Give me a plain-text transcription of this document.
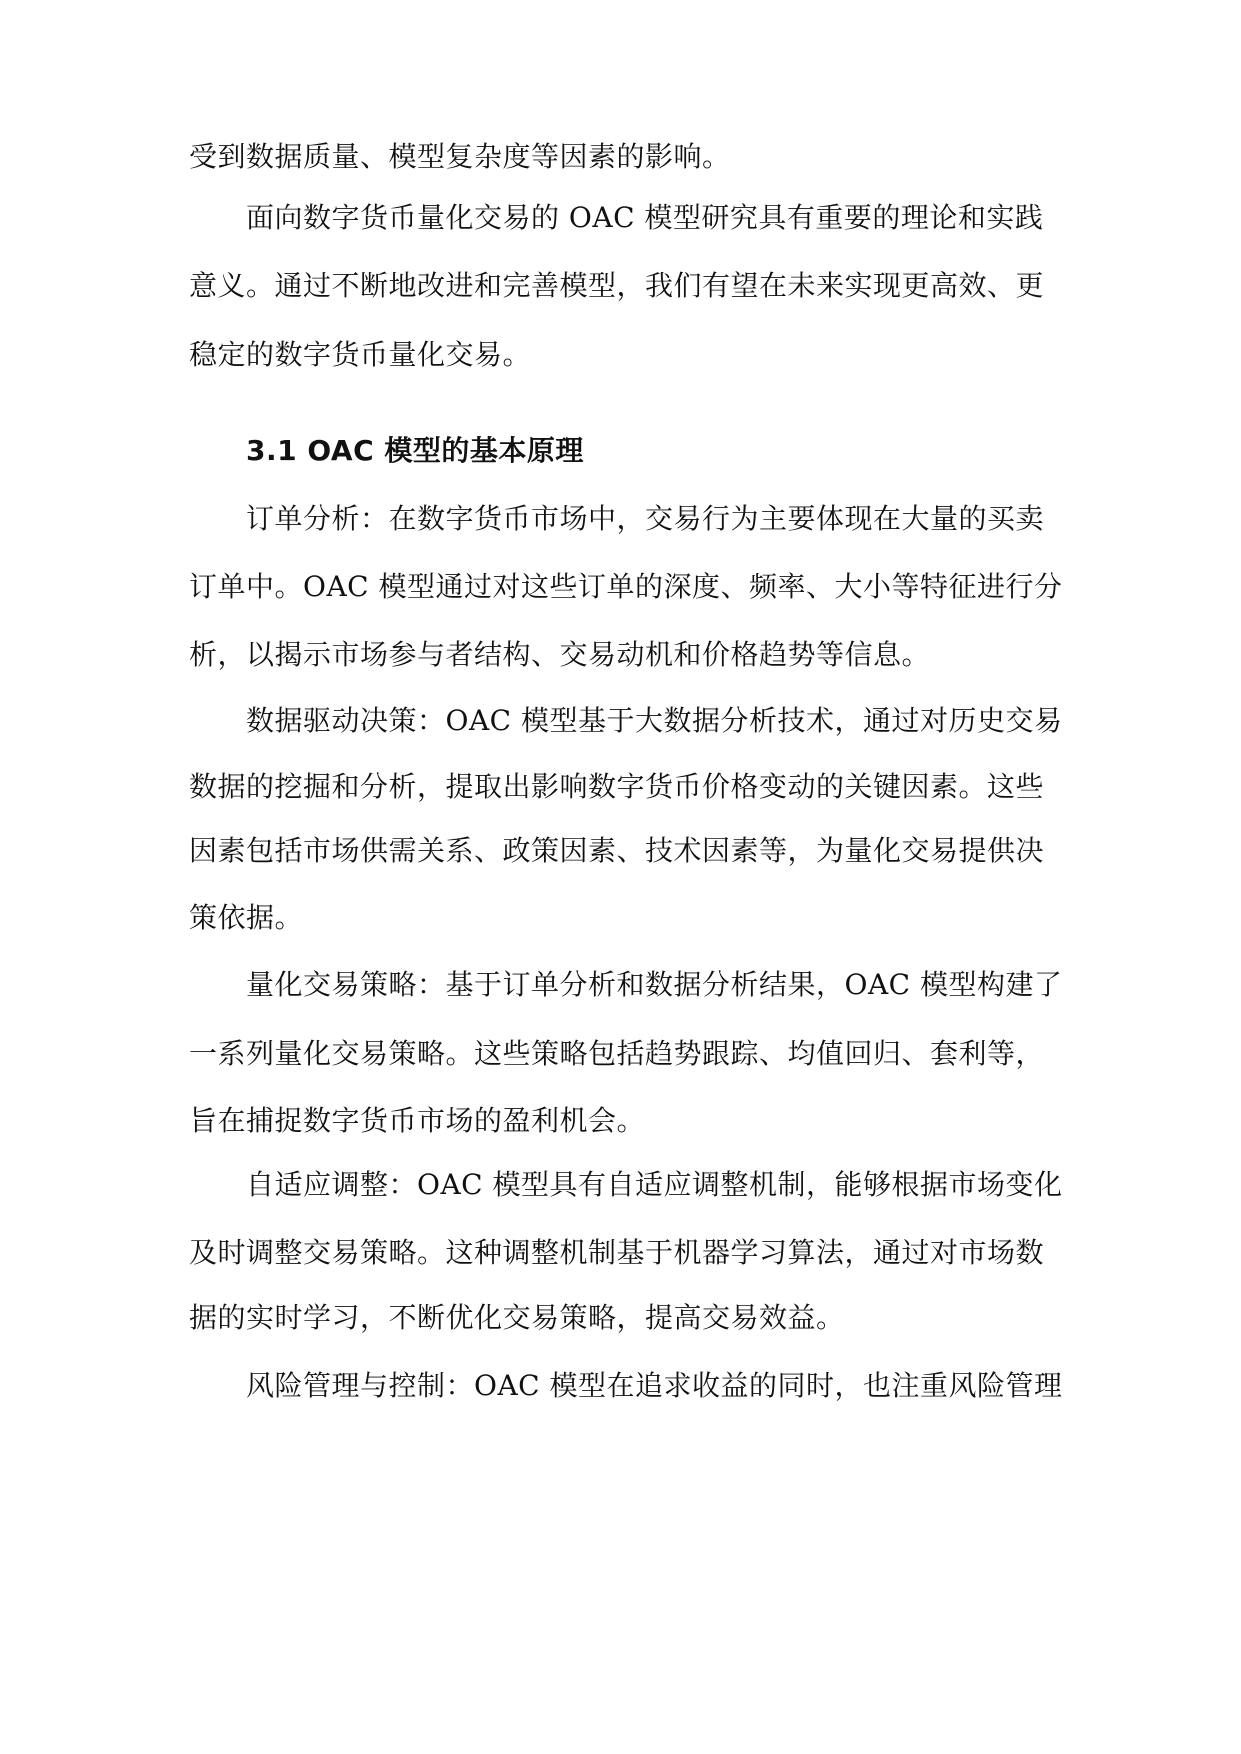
受到数据质量、模型复杂度等因素的影响。
面向数字货币量化交易的 OAC 模型研究具有重要的理论和实践
意义。通过不断地改进和完善模型，我们有望在未来实现更高效、更
稳定的数字货币量化交易。
3.1 OAC 模型的基本原理
订单分析：在数字货币市场中，交易行为主要体现在大量的买卖
订单中。OAC 模型通过对这些订单的深度、频率、大小等特征进行分
析，以揭示市场参与者结构、交易动机和价格趋势等信息。
数据驱动决策：OAC 模型基于大数据分析技术，通过对历史交易
数据的挖掘和分析，提取出影响数字货币价格变动的关键因素。这些
因素包括市场供需关系、政策因素、技术因素等，为量化交易提供决
策依据。
量化交易策略：基于订单分析和数据分析结果，OAC 模型构建了
一系列量化交易策略。这些策略包括趋势跟踪、均值回归、套利等，
旨在捕捉数字货币市场的盈利机会。
自适应调整：OAC 模型具有自适应调整机制，能够根据市场变化
及时调整交易策略。这种调整机制基于机器学习算法，通过对市场数
据的实时学习，不断优化交易策略，提高交易效益。
风险管理与控制：OAC 模型在追求收益的同时，也注重风险管理
